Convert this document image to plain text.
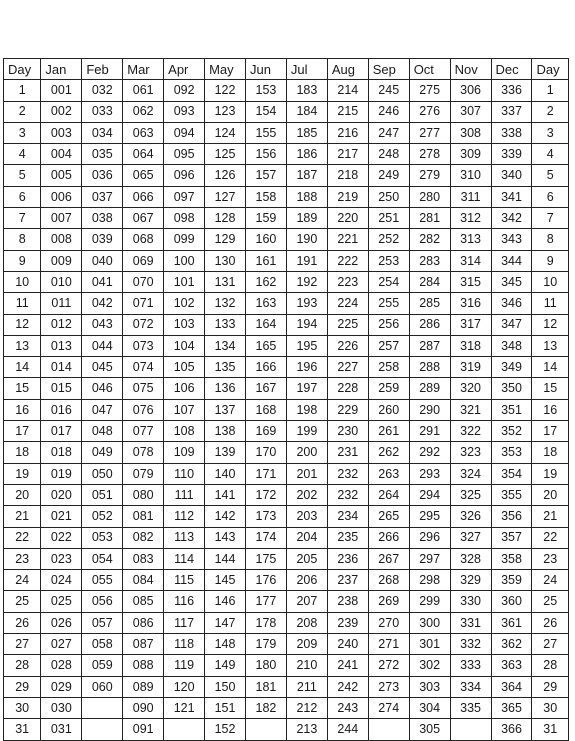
Day	Jan	Feb	Mar	Apr	May	Jun	Jul	Aug	Sep	Oct	Nov	Dec	Day
1	001	032	061	092	122	153	183	214	245	275	306	336	1
2	002	033	062	093	123	154	184	215	246	276	307	337	2
3	003	034	063	094	124	155	185	216	247	277	308	338	3
4	004	035	064	095	125	156	186	217	248	278	309	339	4
5	005	036	065	096	126	157	187	218	249	279	310	340	5
6	006	037	066	097	127	158	188	219	250	280	311	341	6
7	007	038	067	098	128	159	189	220	251	281	312	342	7
8	008	039	068	099	129	160	190	221	252	282	313	343	8
9	009	040	069	100	130	161	191	222	253	283	314	344	9
10	010	041	070	101	131	162	192	223	254	284	315	345	10
11	011	042	071	102	132	163	193	224	255	285	316	346	11
12	012	043	072	103	133	164	194	225	256	286	317	347	12
13	013	044	073	104	134	165	195	226	257	287	318	348	13
14	014	045	074	105	135	166	196	227	258	288	319	349	14
15	015	046	075	106	136	167	197	228	259	289	320	350	15
16	016	047	076	107	137	168	198	229	260	290	321	351	16
17	017	048	077	108	138	169	199	230	261	291	322	352	17
18	018	049	078	109	139	170	200	231	262	292	323	353	18
19	019	050	079	110	140	171	201	232	263	293	324	354	19
20	020	051	080	111	141	172	202	232	264	294	325	355	20
21	021	052	081	112	142	173	203	234	265	295	326	356	21
22	022	053	082	113	143	174	204	235	266	296	327	357	22
23	023	054	083	114	144	175	205	236	267	297	328	358	23
24	024	055	084	115	145	176	206	237	268	298	329	359	24
25	025	056	085	116	146	177	207	238	269	299	330	360	25
26	026	057	086	117	147	178	208	239	270	300	331	361	26
27	027	058	087	118	148	179	209	240	271	301	332	362	27
28	028	059	088	119	149	180	210	241	272	302	333	363	28
29	029	060	089	120	150	181	211	242	273	303	334	364	29
30	030		090	121	151	182	212	243	274	304	335	365	30
31	031		091		152		213	244		305		366	31
